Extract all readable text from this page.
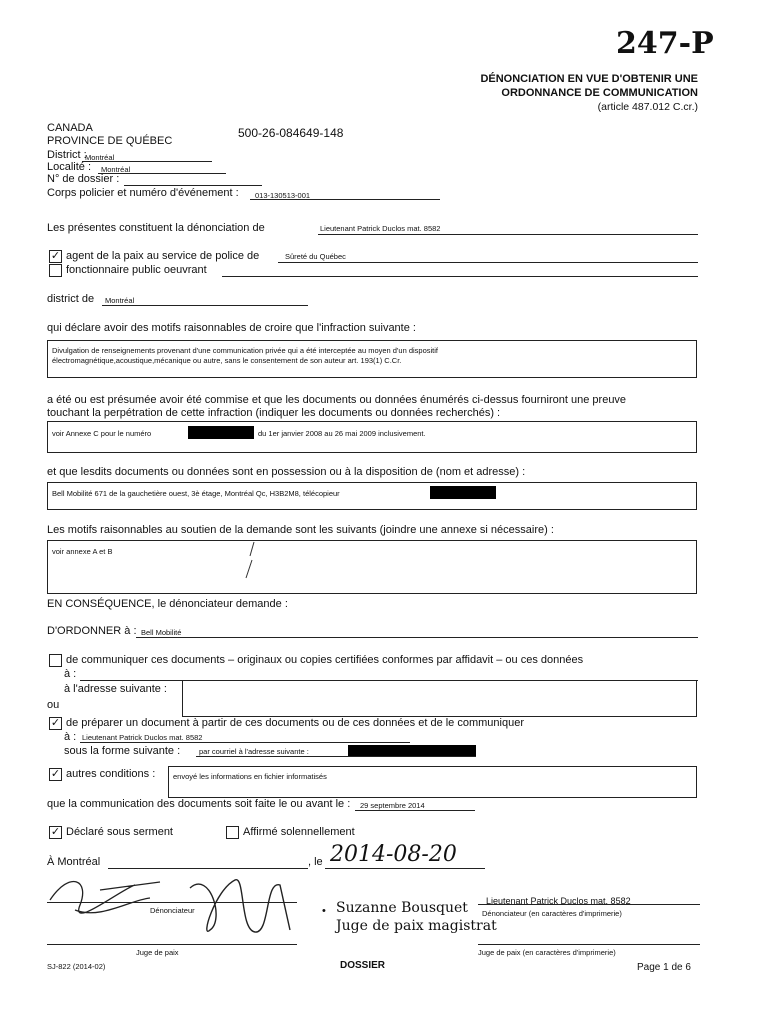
247-P
DÉNONCIATION EN VUE D'OBTENIR UNE
ORDONNANCE DE COMMUNICATION
(article 487.012 C.cr.)
CANADA
PROVINCE DE QUÉBEC
500-26-084649-148
District :
Montréal
Localité : Montréal
N° de dossier :
Corps policier et numéro d'événement : 013-130513-001
Les présentes constituent la dénonciation de	Lieutenant Patrick Duclos mat. 8582
✓ agent de la paix au service de police de	Sûreté du Québec
fonctionnaire public oeuvrant
district de Montréal
qui déclare avoir des motifs raisonnables de croire que l'infraction suivante :
Divulgation de renseignements provenant d'une communication privée qui a été interceptée au moyen d'un dispositif
électromagnétique,acoustique,mécanique ou autre, sans le consentement de son auteur art. 193(1) C.Cr.
a été ou est présumée avoir été commise et que les documents ou données énumérés ci-dessus fourniront une preuve
touchant la perpétration de cette infraction (indiquer les documents ou données recherchés) :
voir Annexe C pour le numéro	du 1er janvier 2008 au 26 mai 2009 inclusivement.
et que lesdits documents ou données sont en possession ou à la disposition de (nom et adresse) :
Bell Mobilité 671 de la gauchetière ouest, 3è étage, Montréal Qc, H3B2M8, télécopieur
Les motifs raisonnables au soutien de la demande sont les suivants (joindre une annexe si nécessaire) :
voir annexe A et B
EN CONSÉQUENCE, le dénonciateur demande :
D'ORDONNER à : Bell Mobilité
de communiquer ces documents – originaux ou copies certifiées conformes par affidavit – ou ces données
à :
à l'adresse suivante :
ou
✓ de préparer un document à partir de ces documents ou de ces données et de le communiquer
à : Lieutenant Patrick Duclos mat. 8582
sous la forme suivante :	par courriel à l'adresse suivante :
✓ autres conditions : envoyé les informations en fichier informatisés
que la communication des documents soit faite le ou avant le : 29 septembre 2014
✓ Déclaré sous serment	Affirmé solennellement
À Montréal	, le 2014-08-20
Dénonciateur	• Suzanne Bousquet
Juge de paix magistrat
Lieutenant Patrick Duclos mat. 8582
Dénonciateur (en caractères d'imprimerie)
Juge de paix	Juge de paix (en caractères d'imprimerie)
SJ-822 (2014-02)	DOSSIER	Page 1 de 6
